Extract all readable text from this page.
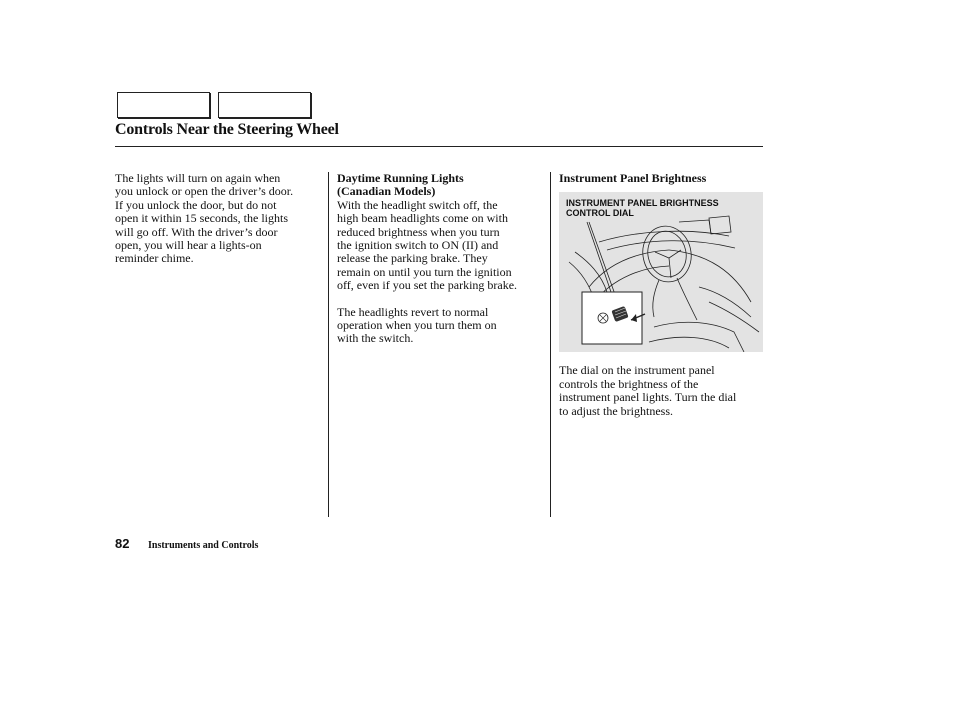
Controls Near the Steering Wheel

The lights will turn on again when

you unlock or open the driver’s door.

If you unlock the door, but do not

open it within 15 seconds, the lights

will go off. With the driver’s door

open, you will hear a lights-on

reminder chime.

Daytime Running Lights

(Canadian Models)

With the headlight switch off, the

high beam headlights come on with

reduced brightness when you turn

the ignition switch to ON (II) and

release the parking brake. They

remain on until you turn the ignition

off, even if you set the parking brake.

The headlights revert to normal

operation when you turn them on

with the switch.

Instrument Panel Brightness

The dial on the instrument panel

controls the brightness of the

instrument panel lights. Turn the dial

to adjust the brightness.

INSTRUMENT PANEL BRIGHTNESS
CONTROL DIAL
82 Instruments and Controls
